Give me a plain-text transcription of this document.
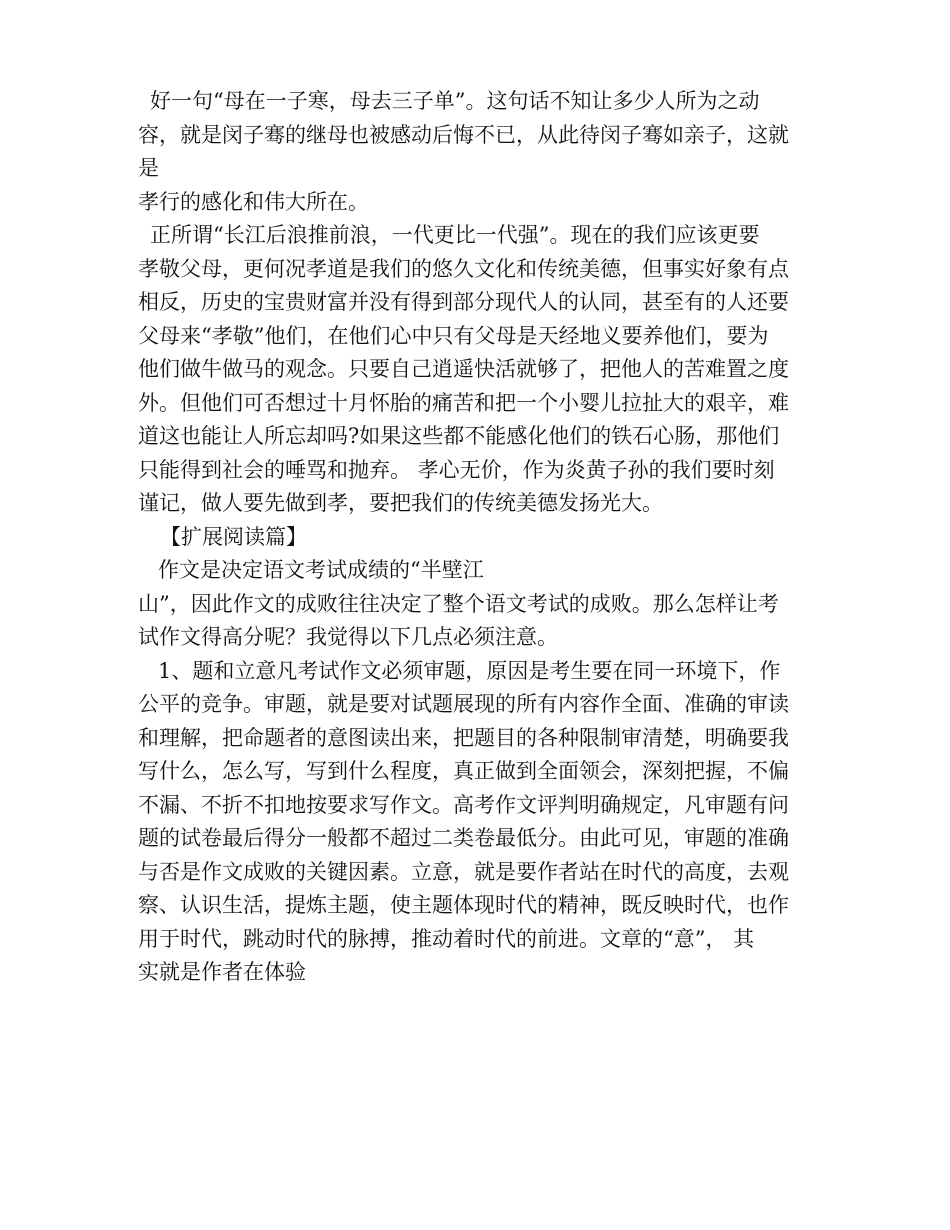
好一句“母在一子寒，母去三子单”。这句话不知让多少人所为之动
容，就是闵子骞的继母也被感动后悔不已，从此待闵子骞如亲子，这就
是
孝行的感化和伟大所在。
正所谓“长江后浪推前浪，一代更比一代强”。现在的我们应该更要
孝敬父母，更何况孝道是我们的悠久文化和传统美德，但事实好象有点
相反，历史的宝贵财富并没有得到部分现代人的认同，甚至有的人还要
父母来“孝敬”他们，在他们心中只有父母是天经地义要养他们，要为
他们做牛做马的观念。只要自己逍遥快活就够了，把他人的苦难置之度
外。但他们可否想过十月怀胎的痛苦和把一个小婴儿拉扯大的艰辛，难
道这也能让人所忘却吗?如果这些都不能感化他们的铁石心肠，那他们
只能得到社会的唾骂和抛弃。 孝心无价，作为炎黄子孙的我们要时刻
谨记，做人要先做到孝，要把我们的传统美德发扬光大。
【扩展阅读篇】
作文是决定语文考试成绩的“半壁江
山”，因此作文的成败往往决定了整个语文考试的成败。那么怎样让考
试作文得高分呢？我觉得以下几点必须注意。
1、题和立意凡考试作文必须审题，原因是考生要在同一环境下，作
公平的竞争。审题，就是要对试题展现的所有内容作全面、准确的审读
和理解，把命题者的意图读出来，把题目的各种限制审清楚，明确要我
写什么，怎么写，写到什么程度，真正做到全面领会，深刻把握，不偏
不漏、不折不扣地按要求写作文。高考作文评判明确规定，凡审题有问
题的试卷最后得分一般都不超过二类卷最低分。由此可见，审题的准确
与否是作文成败的关键因素。立意，就是要作者站在时代的高度，去观
察、认识生活，提炼主题，使主题体现时代的精神，既反映时代，也作
用于时代，跳动时代的脉搏，推动着时代的前进。文章的“意”， 其
实就是作者在体验
